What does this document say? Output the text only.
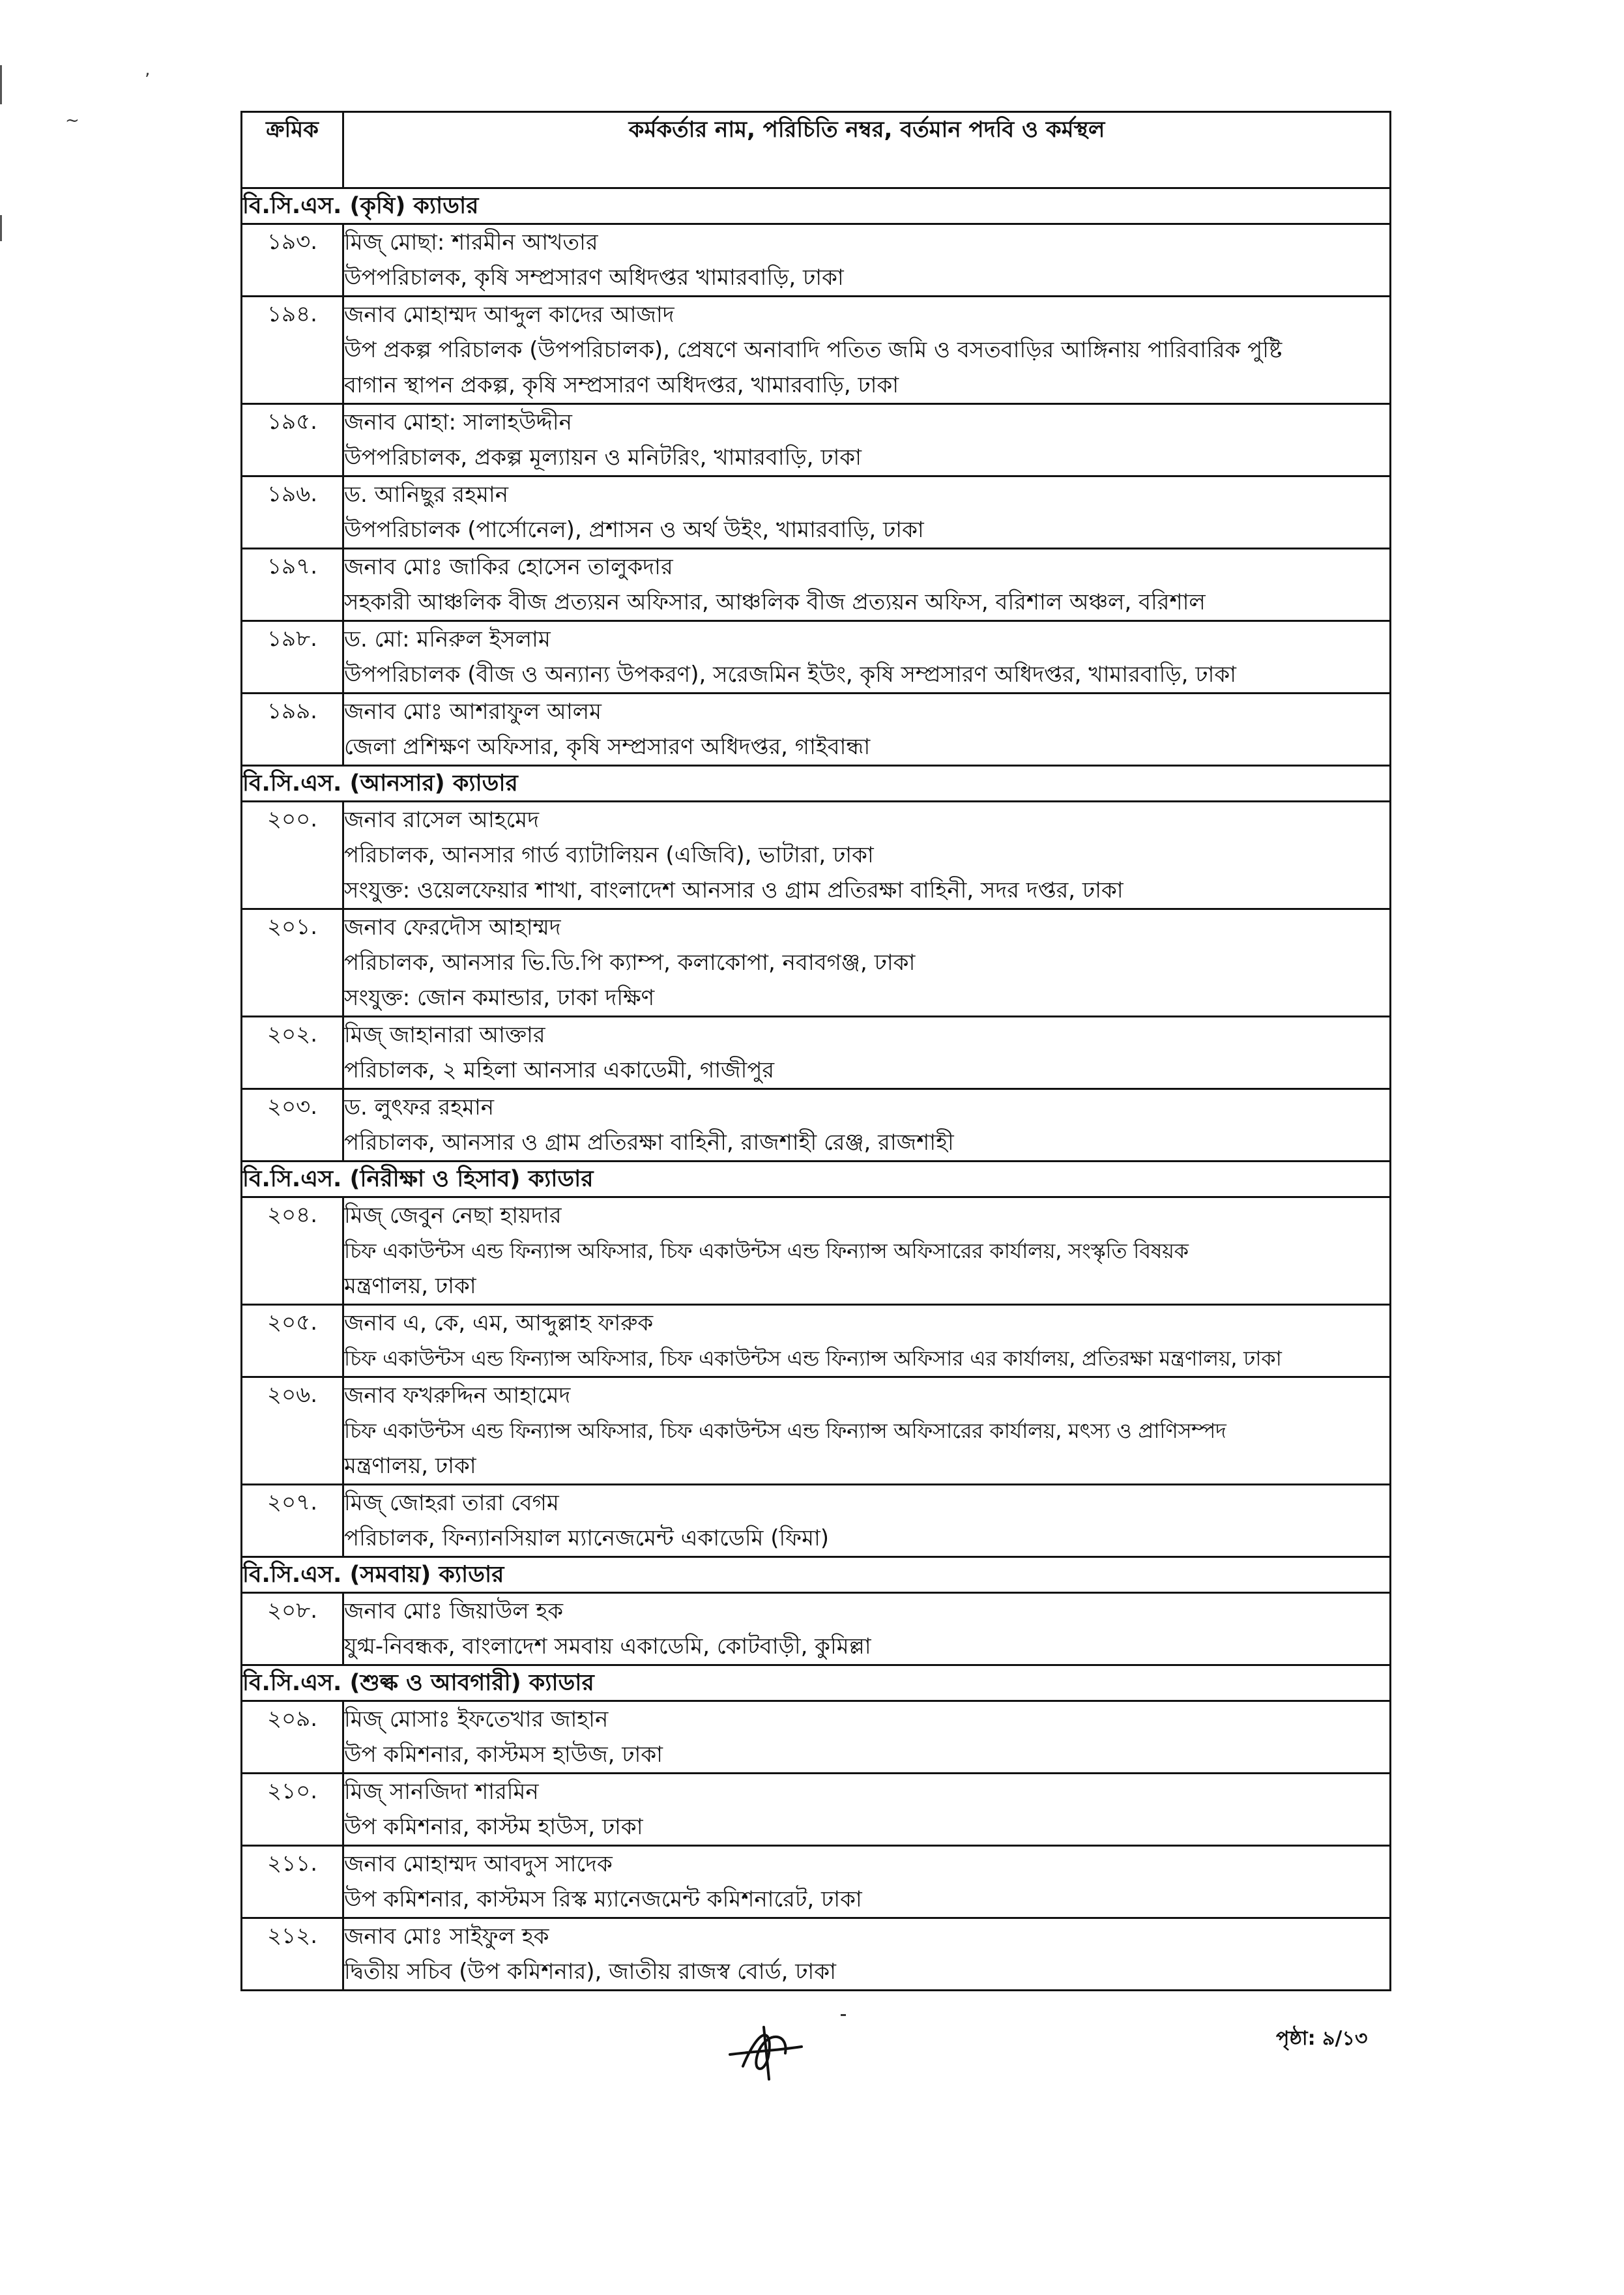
‚
~	ক্রমিক	কর্মকর্তার নাম, পরিচিতি নম্বর, বর্তমান পদবি ও কর্মস্থল
বি.সি.এস. (কৃষি) ক্যাডার	
১৯৩.	মিজ্ মোছা: শারমীন আখতার
উপপরিচালক, কৃষি সম্প্রসারণ অধিদপ্তর খামারবাড়ি, ঢাকা

১৯৪.	জনাব মোহাম্মদ আব্দুল কাদের আজাদ
উপ প্রকল্প পরিচালক (উপপরিচালক), প্রেষণে অনাবাদি পতিত জমি ও বসতবাড়ির আঙ্গিনায় পারিবারিক পুষ্টি
বাগান স্থাপন প্রকল্প, কৃষি সম্প্রসারণ অধিদপ্তর, খামারবাড়ি, ঢাকা

১৯৫.	জনাব মোহা: সালাহউদ্দীন
উপপরিচালক, প্রকল্প মূল্যায়ন ও মনিটরিং, খামারবাড়ি, ঢাকা

১৯৬.	ড. আনিছুর রহমান
উপপরিচালক (পার্সোনেল), প্রশাসন ও অর্থ উইং, খামারবাড়ি, ঢাকা

১৯৭.	জনাব মোঃ জাকির হোসেন তালুকদার
সহকারী আঞ্চলিক বীজ প্রত্যয়ন অফিসার, আঞ্চলিক বীজ প্রত্যয়ন অফিস, বরিশাল অঞ্চল, বরিশাল

১৯৮.	ড. মো: মনিরুল ইসলাম
উপপরিচালক (বীজ ও অন্যান্য উপকরণ), সরেজমিন ইউং, কৃষি সম্প্রসারণ অধিদপ্তর, খামারবাড়ি, ঢাকা

১৯৯.	জনাব মোঃ আশরাফুল আলম
জেলা প্রশিক্ষণ অফিসার, কৃষি সম্প্রসারণ অধিদপ্তর, গাইবান্ধা

বি.সি.এস. (আনসার) ক্যাডার	
২০০.	জনাব রাসেল আহমেদ
পরিচালক, আনসার গার্ড ব্যাটালিয়ন (এজিবি), ভাটারা, ঢাকা
সংযুক্ত: ওয়েলফেয়ার শাখা, বাংলাদেশ আনসার ও গ্রাম প্রতিরক্ষা বাহিনী, সদর দপ্তর, ঢাকা

২০১.	জনাব ফেরদৌস আহাম্মদ
পরিচালক, আনসার ভি.ডি.পি ক্যাম্প, কলাকোপা, নবাবগঞ্জ, ঢাকা
সংযুক্ত: জোন কমান্ডার, ঢাকা দক্ষিণ

২০২.	মিজ্ জাহানারা আক্তার
পরিচালক, ২ মহিলা আনসার একাডেমী, গাজীপুর

২০৩.	ড. লুৎফর রহমান
পরিচালক, আনসার ও গ্রাম প্রতিরক্ষা বাহিনী, রাজশাহী রেঞ্জ, রাজশাহী

বি.সি.এস. (নিরীক্ষা ও হিসাব) ক্যাডার	
২০৪.	মিজ্ জেবুন নেছা হায়দার
চিফ একাউন্টস এন্ড ফিন্যান্স অফিসার, চিফ একাউন্টস এন্ড ফিন্যান্স অফিসারের কার্যালয়, সংস্কৃতি বিষয়ক
মন্ত্রণালয়, ঢাকা

২০৫.	জনাব এ, কে, এম, আব্দুল্লাহ ফারুক
চিফ একাউন্টস এন্ড ফিন্যান্স অফিসার, চিফ একাউন্টস এন্ড ফিন্যান্স অফিসার এর কার্যালয়, প্রতিরক্ষা মন্ত্রণালয়, ঢাকা

২০৬.	জনাব ফখরুদ্দিন আহামেদ
চিফ একাউন্টস এন্ড ফিন্যান্স অফিসার, চিফ একাউন্টস এন্ড ফিন্যান্স অফিসারের কার্যালয়, মৎস্য ও প্রাণিসম্পদ
মন্ত্রণালয়, ঢাকা

২০৭.	মিজ্ জোহরা তারা বেগম
পরিচালক, ফিন্যানসিয়াল ম্যানেজমেন্ট একাডেমি (ফিমা)

বি.সি.এস. (সমবায়) ক্যাডার	
২০৮.	জনাব মোঃ জিয়াউল হক
যুগ্ম-নিবন্ধক, বাংলাদেশ সমবায় একাডেমি, কোটবাড়ী, কুমিল্লা

বি.সি.এস. (শুল্ক ও আবগারী) ক্যাডার	
২০৯.	মিজ্ মোসাঃ ইফতেখার জাহান
উপ কমিশনার, কাস্টমস হাউজ, ঢাকা

২১০.	মিজ্ সানজিদা শারমিন
উপ কমিশনার, কাস্টম হাউস, ঢাকা

২১১.	জনাব মোহাম্মদ আবদুস সাদেক
উপ কমিশনার, কাস্টমস রিস্ক ম্যানেজমেন্ট কমিশনারেট, ঢাকা

২১২.	জনাব মোঃ সাইফুল হক
দ্বিতীয় সচিব (উপ কমিশনার), জাতীয় রাজস্ব বোর্ড, ঢাকা
পৃষ্ঠা: ৯/১৩
